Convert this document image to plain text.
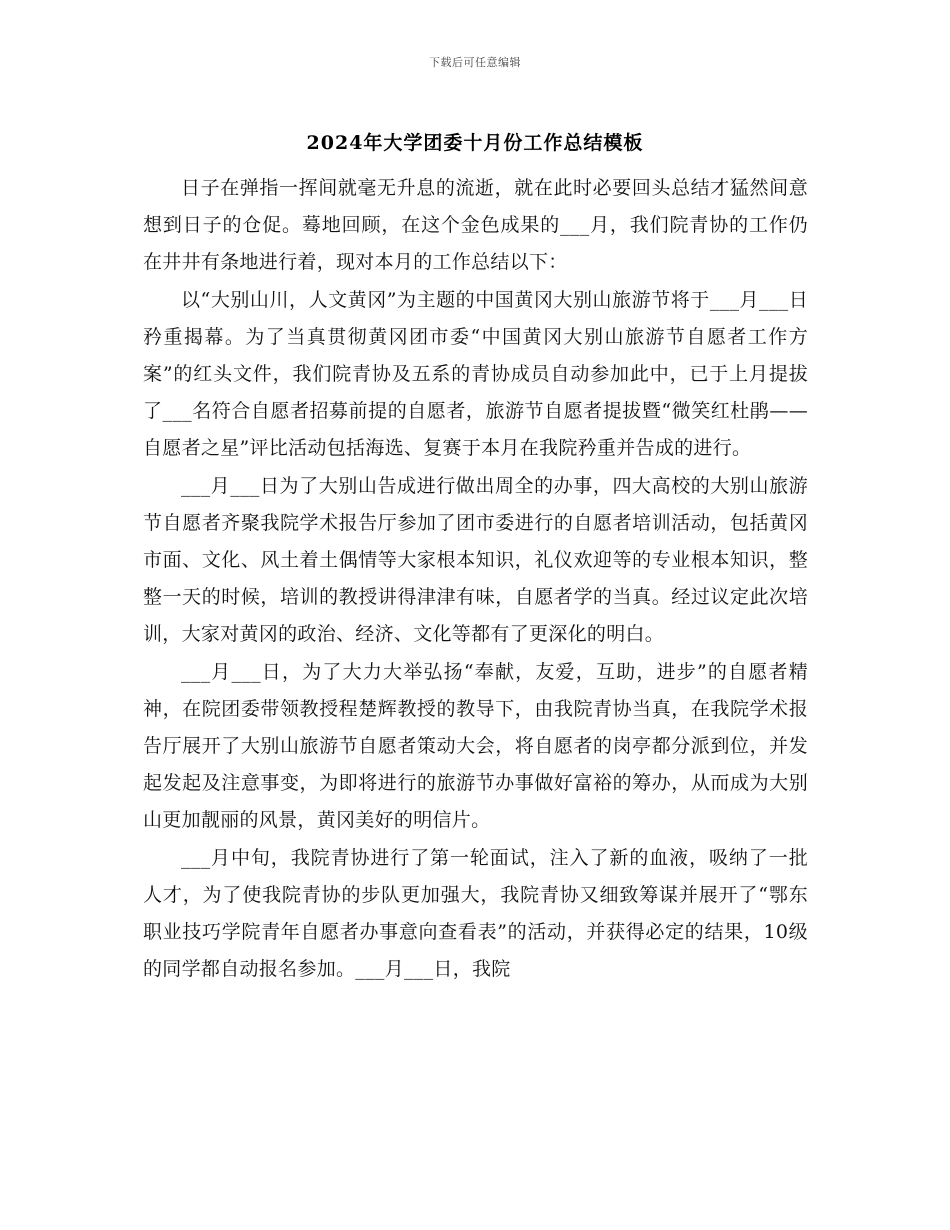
下载后可任意编辑
2024年大学团委十月份工作总结模板

日子在弹指一挥间就毫无升息的流逝，就在此时必要回头总结才猛然间意想到日子的仓促。蓦地回顾，在这个金色成果的___月，我们院青协的工作仍在井井有条地进行着，现对本月的工作总结以下：

以“大别山川，人文黄冈”为主题的中国黄冈大别山旅游节将于___月___日矜重揭幕。为了当真贯彻黄冈团市委“中国黄冈大别山旅游节自愿者工作方案”的红头文件，我们院青协及五系的青协成员自动参加此中，已于上月提拔了___名符合自愿者招募前提的自愿者，旅游节自愿者提拔暨“微笑红杜鹃——自愿者之星”评比活动包括海选、复赛于本月在我院矜重并告成的进行。

___月___日为了大别山告成进行做出周全的办事，四大高校的大别山旅游节自愿者齐聚我院学术报告厅参加了团市委进行的自愿者培训活动，包括黄冈市面、文化、风土着土偶情等大家根本知识，礼仪欢迎等的专业根本知识，整整一天的时候，培训的教授讲得津津有味，自愿者学的当真。经过议定此次培训，大家对黄冈的政治、经济、文化等都有了更深化的明白。

___月___日，为了大力大举弘扬“奉献，友爱，互助，进步”的自愿者精神，在院团委带领教授程楚辉教授的教导下，由我院青协当真，在我院学术报告厅展开了大别山旅游节自愿者策动大会，将自愿者的岗亭都分派到位，并发起发起及注意事变，为即将进行的旅游节办事做好富裕的筹办，从而成为大别山更加靓丽的风景，黄冈美好的明信片。

___月中旬，我院青协进行了第一轮面试，注入了新的血液，吸纳了一批人才，为了使我院青协的步队更加强大，我院青协又细致筹谋并展开了“鄂东职业技巧学院青年自愿者办事意向查看表”的活动，并获得必定的结果，10级的同学都自动报名参加。___月___日，我院
